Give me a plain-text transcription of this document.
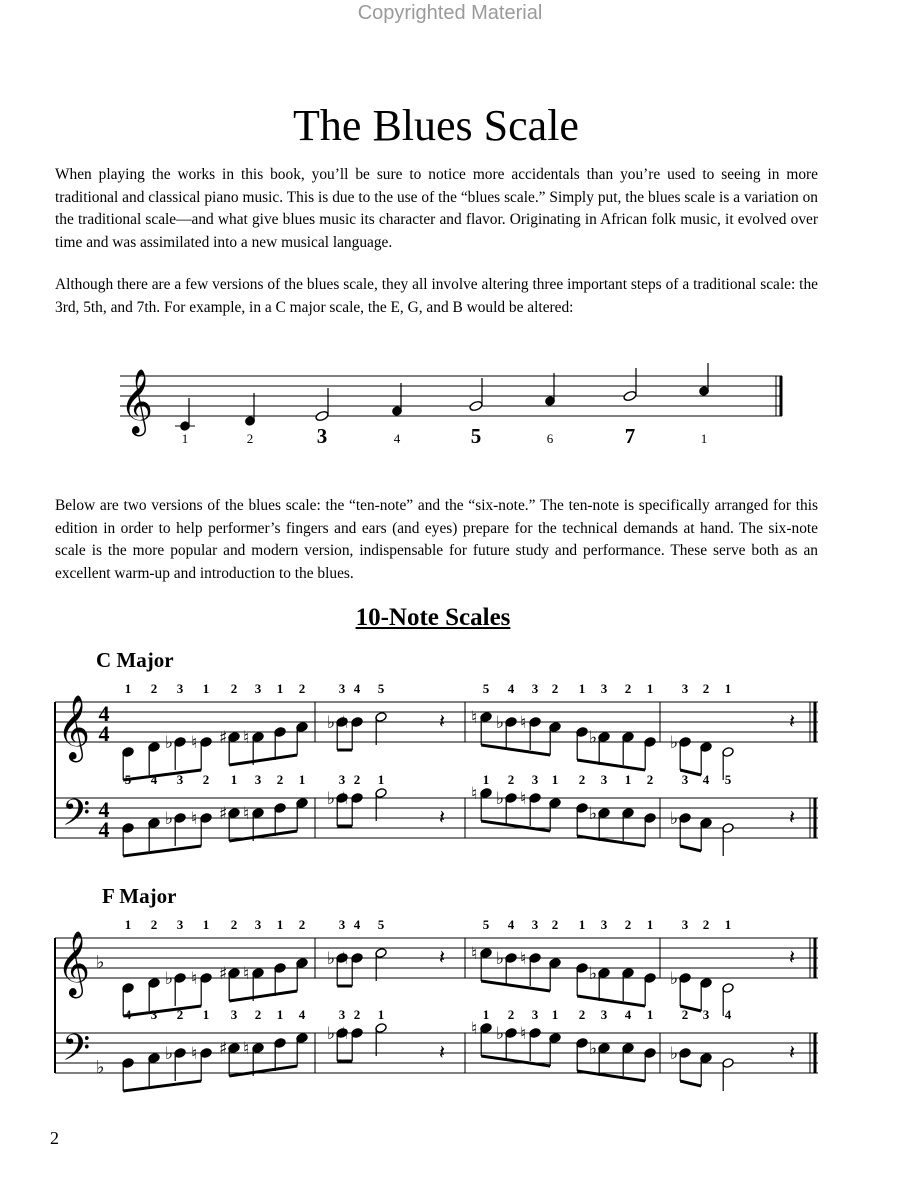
Copyrighted Material
The Blues Scale

When playing the works in this book, you’ll be sure to notice more accidentals than you’re used to seeing in more traditional and classical piano music. This is due to the use of the “blues scale.” Simply put, the blues scale is a variation on the traditional scale—and what give blues music its character and flavor. Originating in African folk music, it evolved over time and was assimilated into a new musical language.

Although there are a few versions of the blues scale, they all involve altering three important steps of a traditional scale: the 3rd, 5th, and 7th. For example, in a C major scale, the E, G, and B would be altered:

𝄞
1	2	3	4	5	6	7	1

Below are two versions of the blues scale: the “ten-note” and the “six-note.” The ten-note is specifically arranged for this edition in order to help performer’s fingers and ears (and eyes) prepare for the technical demands at hand. The six-note scale is the more popular and modern version, indispensable for future study and performance. These serve both as an excellent warm-up and introduction to the blues.

10-Note Scales
C Major
F Major
𝄞
𝄢
4
4
4
4
𝄽
𝄽
𝄽
𝄽
1 2
♭
3
♮
1
♯
2
♮
3 1 2
♭
3
♮
4 5
♮
5
♭
4
♮
3 2 1
♭
3 2 1
♭
3 2 1
5 4
♭
3
♮
2
♯
1
♮
3 2 1
♭
3
♮
2 1
♮
1
♭
2
♮
3 1 2
♭
3 1 2
♭
3 4 5
𝄞
𝄢
♭
♭
𝄽
𝄽
𝄽
𝄽
1 2
♭
3
♮
1
♯
2
♮
3 1 2
♭
3
♮
4 5
♮
5
♭
4
♮
3 2 1
♭
3 2 1
♭
3 2 1
4 3
♭
2
♮
1
♯
3
♮
2 1 4
♭
3
♮
2 1
♮
1
♭
2
♮
3 1 2
♭
3 4 1
♭
2 3 4
2
